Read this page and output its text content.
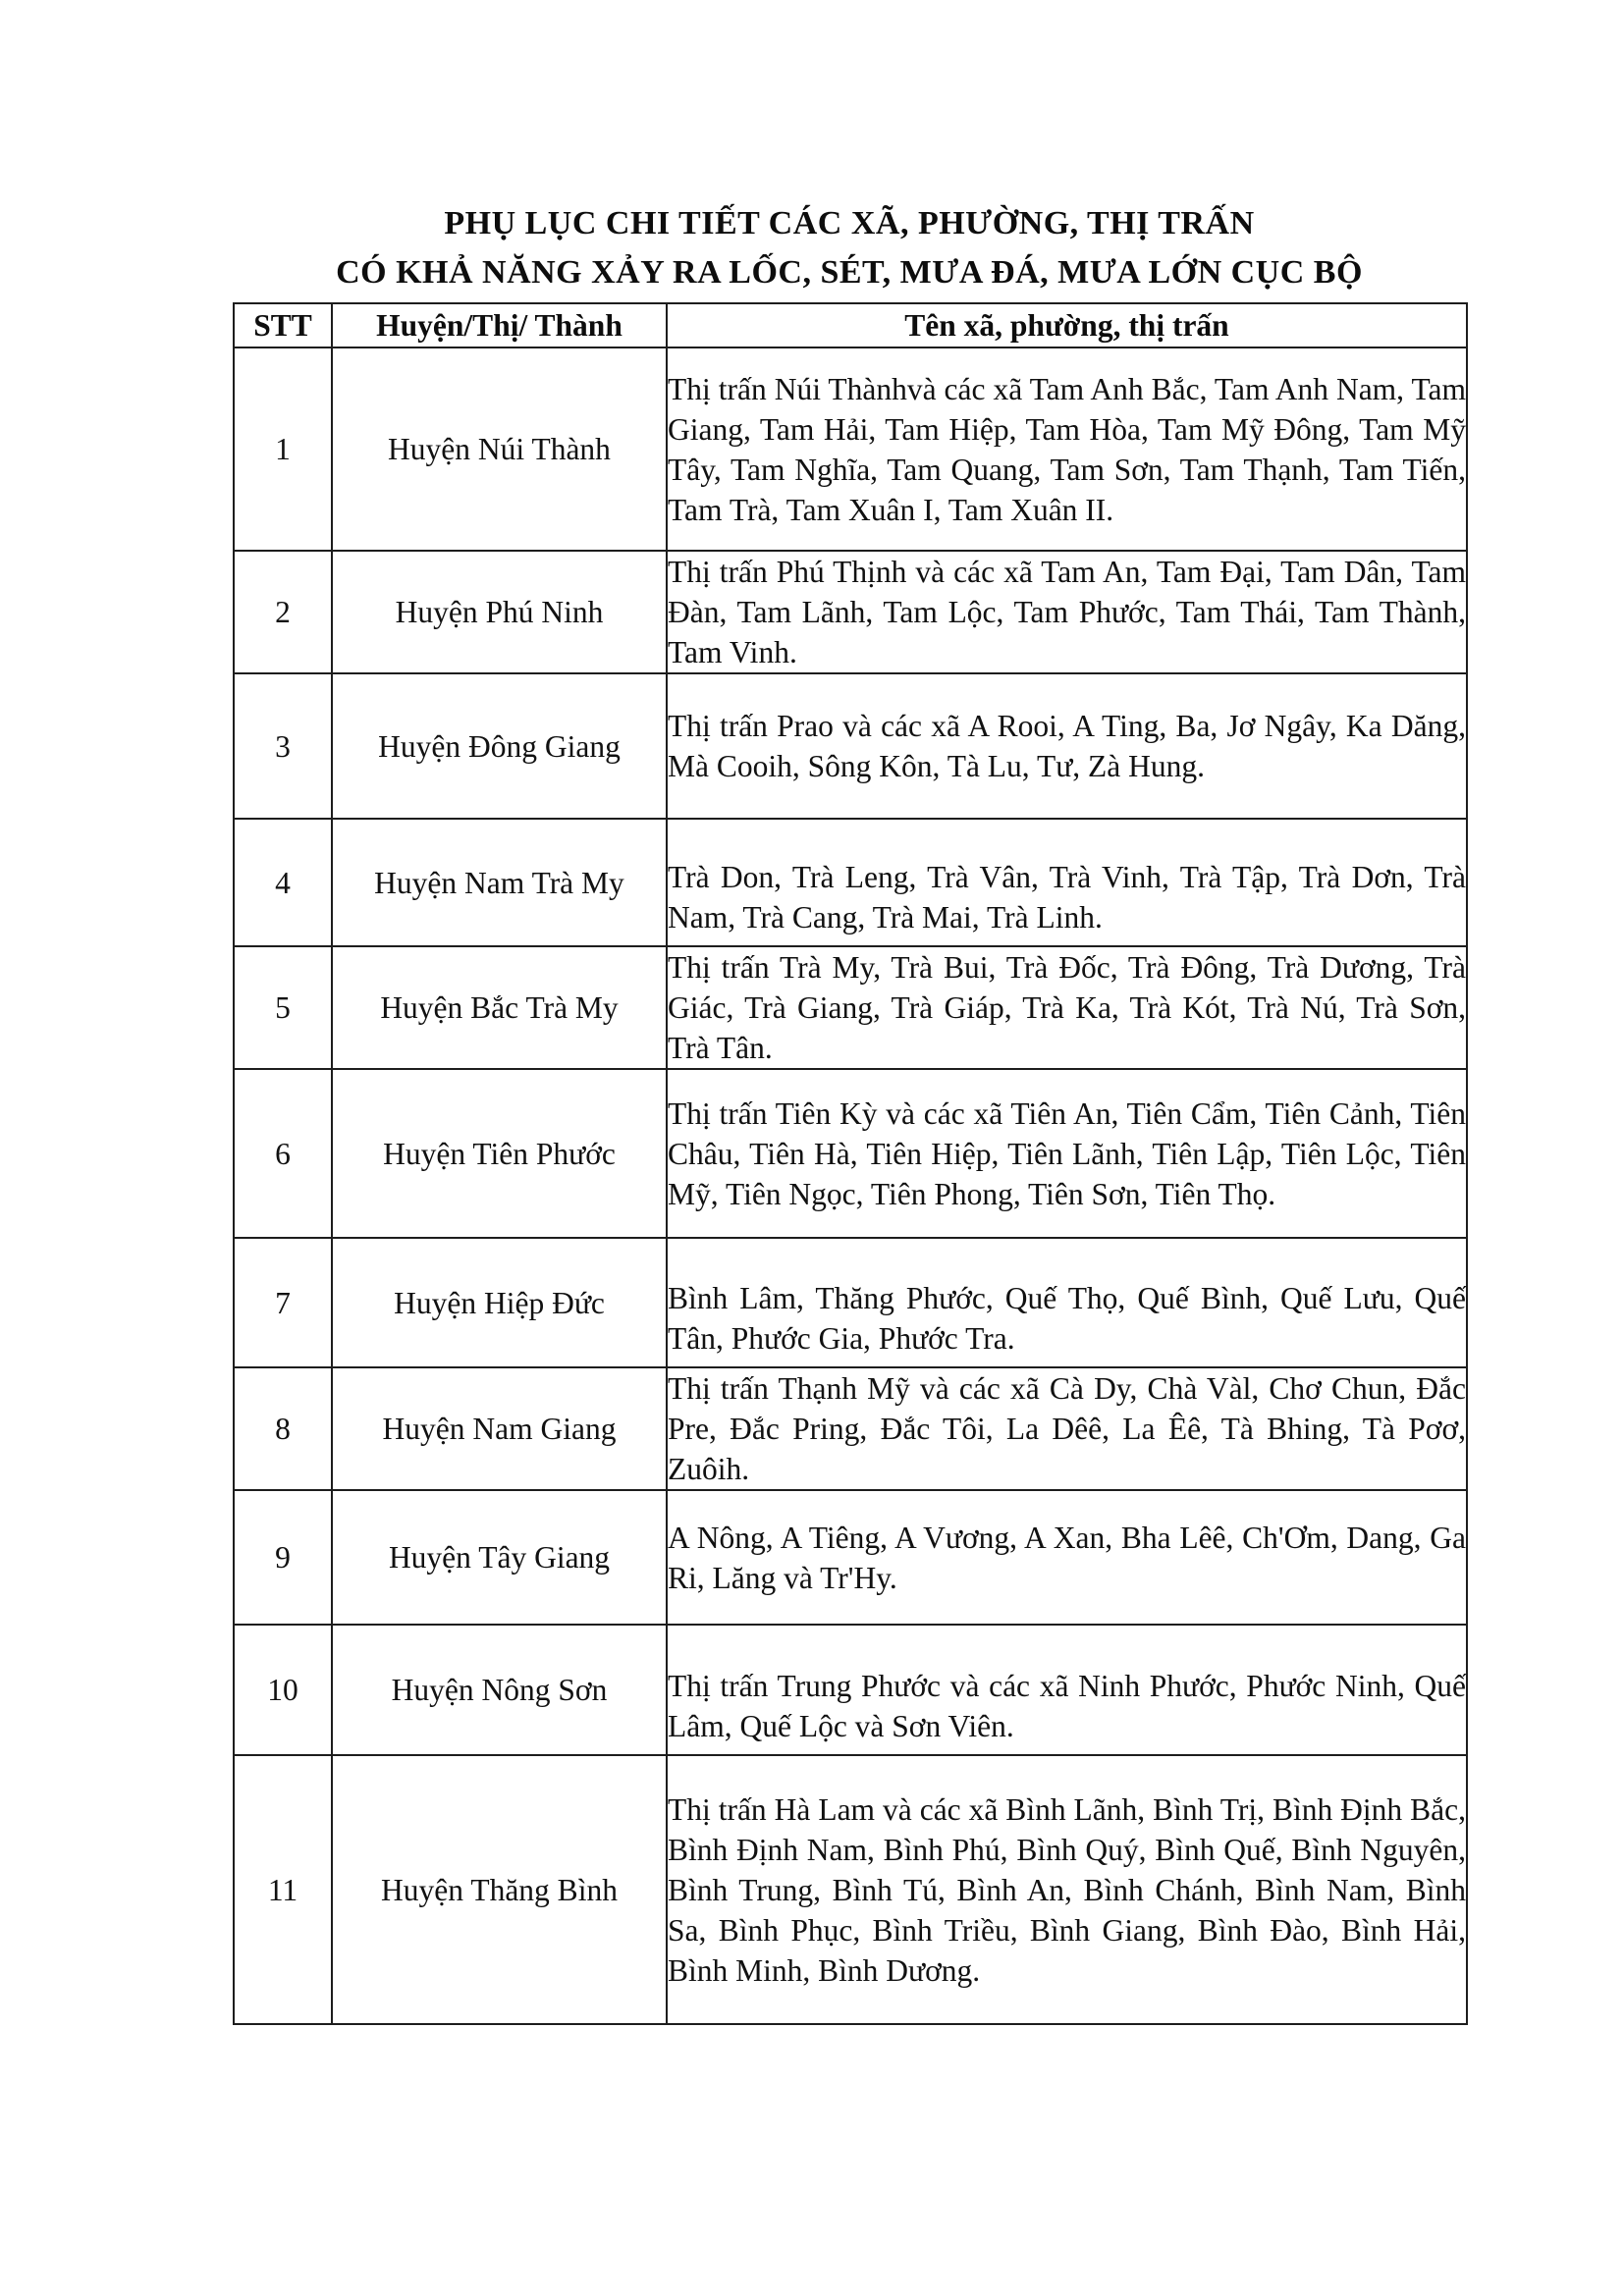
PHỤ LỤC CHI TIẾT CÁC XÃ, PHƯỜNG, THỊ TRẤN
CÓ KHẢ NĂNG XẢY RA LỐC, SÉT, MƯA ĐÁ, MƯA LỚN CỤC BỘ
STT	Huyện/Thị/ Thành	Tên xã, phường, thị trấn
1	Huyện Núi Thành	Thị trấn Núi Thànhvà các xã Tam Anh Bắc, Tam Anh Nam, Tam Giang, Tam Hải, Tam Hiệp, Tam Hòa, Tam Mỹ Đông, Tam Mỹ Tây, Tam Nghĩa, Tam Quang, Tam Sơn, Tam Thạnh, Tam Tiến, Tam Trà, Tam Xuân I, Tam Xuân II.
2	Huyện Phú Ninh	Thị trấn Phú Thịnh và các xã Tam An, Tam Đại, Tam Dân, Tam Đàn, Tam Lãnh, Tam Lộc, Tam Phước, Tam Thái, Tam Thành, Tam Vinh.
3	Huyện Đông Giang	Thị trấn Prao và các xã A Rooi, A Ting, Ba, Jơ Ngây, Ka Dăng, Mà Cooih, Sông Kôn, Tà Lu, Tư, Zà Hung.
4	Huyện Nam Trà My	Trà Don, Trà Leng, Trà Vân, Trà Vinh, Trà Tập, Trà Dơn, Trà Nam, Trà Cang, Trà Mai, Trà Linh.
5	Huyện Bắc Trà My	Thị trấn Trà My, Trà Bui, Trà Đốc, Trà Đông, Trà Dương, Trà Giác, Trà Giang, Trà Giáp, Trà Ka, Trà Kót, Trà Nú, Trà Sơn, Trà Tân.
6	Huyện Tiên Phước	Thị trấn Tiên Kỳ và các xã Tiên An, Tiên Cẩm, Tiên Cảnh, Tiên Châu, Tiên Hà, Tiên Hiệp, Tiên Lãnh, Tiên Lập, Tiên Lộc, Tiên Mỹ, Tiên Ngọc, Tiên Phong, Tiên Sơn, Tiên Thọ.
7	Huyện Hiệp Đức	Bình Lâm, Thăng Phước, Quế Thọ, Quế Bình, Quế Lưu, Quế Tân, Phước Gia, Phước Tra.
8	Huyện Nam Giang	Thị trấn Thạnh Mỹ và các xã Cà Dy, Chà Vàl, Chơ Chun, Đắc Pre, Đắc Pring, Đắc Tôi, La Dêê, La Êê, Tà Bhing, Tà Pơơ, Zuôih.
9	Huyện Tây Giang	A Nông, A Tiêng, A Vương, A Xan, Bha Lêê, Ch'Ơm, Dang, Ga Ri, Lăng và Tr'Hy.
10	Huyện Nông Sơn	Thị trấn Trung Phước và các xã Ninh Phước, Phước Ninh, Quế Lâm, Quế Lộc và Sơn Viên.
11	Huyện Thăng Bình	Thị trấn Hà Lam và các xã Bình Lãnh, Bình Trị, Bình Định Bắc, Bình Định Nam, Bình Phú, Bình Quý, Bình Quế, Bình Nguyên, Bình Trung, Bình Tú, Bình An, Bình Chánh, Bình Nam, Bình Sa, Bình Phục, Bình Triều, Bình Giang, Bình Đào, Bình Hải, Bình Minh, Bình Dương.
